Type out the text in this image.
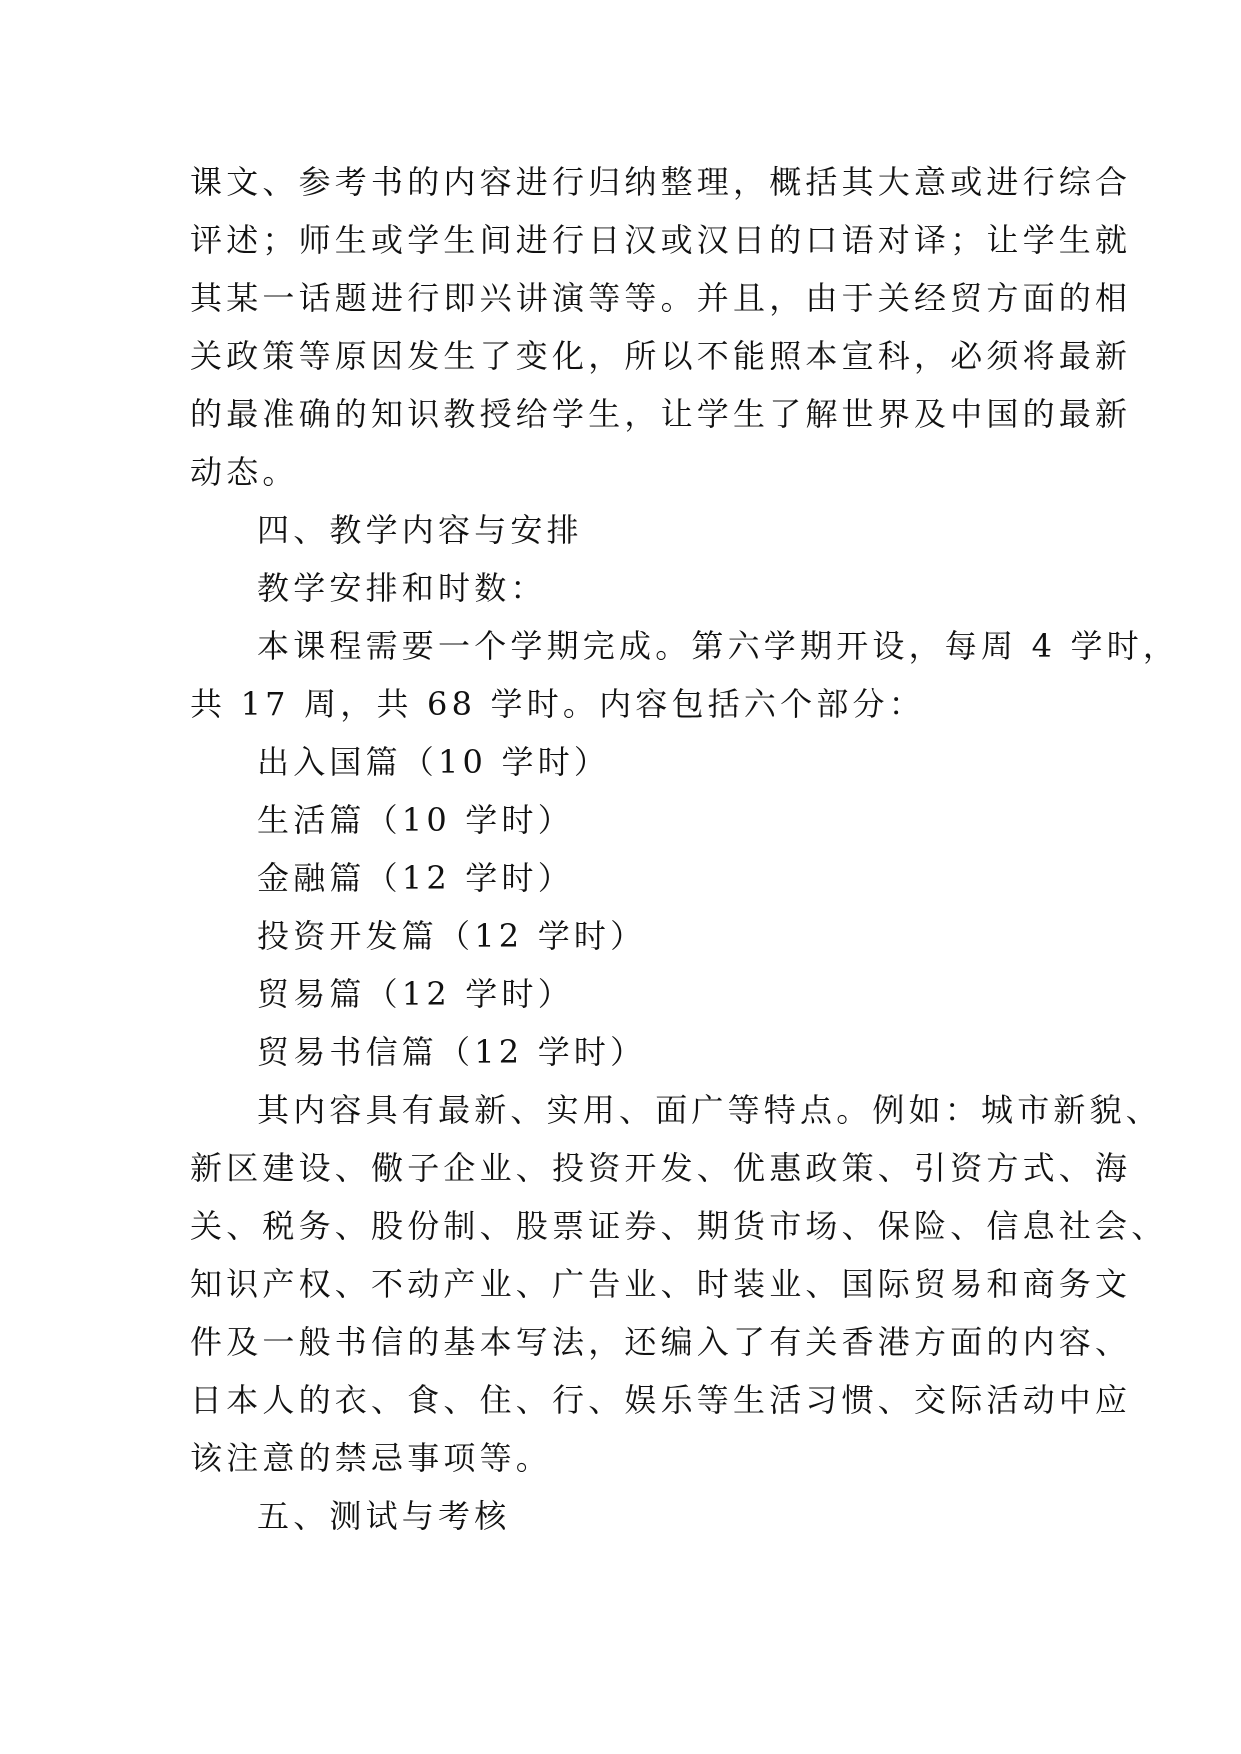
课文、参考书的内容进行归纳整理，概括其大意或进行综合
评述；师生或学生间进行日汉或汉日的口语对译；让学生就
其某一话题进行即兴讲演等等。并且，由于关经贸方面的相
关政策等原因发生了变化，所以不能照本宣科，必须将最新
的最准确的知识教授给学生，让学生了解世界及中国的最新
动态。
四、教学内容与安排
教学安排和时数：
本课程需要一个学期完成。第六学期开设，每周 4 学时，
共 17 周，共 68 学时。内容包括六个部分：
出入国篇（10 学时）
生活篇（10 学时）
金融篇（12 学时）
投资开发篇（12 学时）
贸易篇（12 学时）
贸易书信篇（12 学时）
其内容具有最新、实用、面广等特点。例如：城市新貌、
新区建设、儆子企业、投资开发、优惠政策、引资方式、海
关、税务、股份制、股票证券、期货市场、保险、信息社会、
知识产权、不动产业、广告业、时装业、国际贸易和商务文
件及一般书信的基本写法，还编入了有关香港方面的内容、
日本人的衣、食、住、行、娱乐等生活习惯、交际活动中应
该注意的禁忌事项等。
五、测试与考核
